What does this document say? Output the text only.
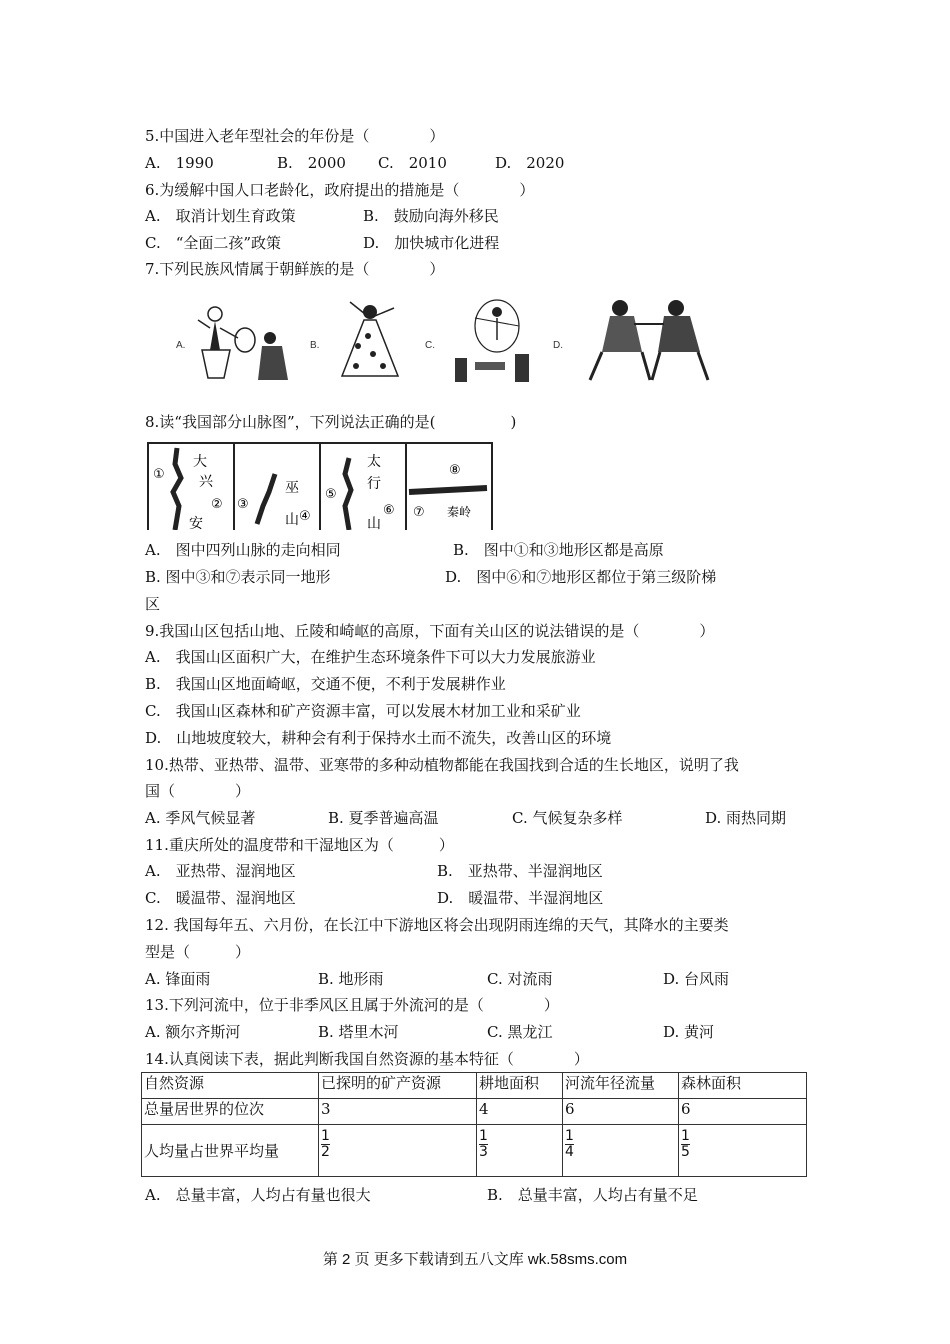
5.中国进入老年型社会的年份是（　　　　）
A.　1990	B.　2000 C.　2010	D.　2020
6.为缓解中国人口老龄化，政府提出的措施是（　　　　）
A.　取消计划生育政策	B.　鼓励向海外移民
C.　“全面二孩”政策	D.　加快城市化进程
7.下列民族风情属于朝鲜族的是（　　　　）
A.	B.	C.	D.
8.读“我国部分山脉图”，下列说法正确的是(　　　　　)
①
大
兴
安
② ③
巫
山 ④
太
⑤
行
山
⑥
⑧
⑦ 秦岭
A.　图中四列山脉的走向相同	B.　图中①和③地形区都是高原
B. 图中③和⑦表示同一地形	D.　图中⑥和⑦地形区都位于第三级阶梯
区
9.我国山区包括山地、丘陵和崎岖的高原，下面有关山区的说法错误的是（　　　　）
A.　我国山区面积广大，在维护生态环境条件下可以大力发展旅游业
B.　我国山区地面崎岖，交通不便，不利于发展耕作业
C.　我国山区森林和矿产资源丰富，可以发展木材加工业和采矿业
D.　山地坡度较大，耕种会有利于保持水土而不流失，改善山区的环境
10.热带、亚热带、温带、亚寒带的多种动植物都能在我国找到合适的生长地区，说明了我
国（　　　　）
A. 季风气候显著	B. 夏季普遍高温	C. 气候复杂多样	D. 雨热同期
11.重庆所处的温度带和干湿地区为（　　　）
A.　亚热带、湿润地区	B.　亚热带、半湿润地区
C.　暖温带、湿润地区	D.　暖温带、半湿润地区
12. 我国每年五、六月份，在长江中下游地区将会出现阴雨连绵的天气，其降水的主要类
型是（　　　）
A. 锋面雨	B. 地形雨	C. 对流雨	D. 台风雨
13.下列河流中，位于非季风区且属于外流河的是（　　　　）
A. 额尔齐斯河	B. 塔里木河	C. 黑龙江	D. 黄河
14.认真阅读下表，据此判断我国自然资源的基本特征（　　　　）
自然资源	已探明的矿产资源	耕地面积	河流年径流量	森林面积
总量居世界的位次	3	4	6	6
人均量占世界平均量	$\frac{1}{2}$	$\frac{1}{3}$	$\frac{1}{4}$	$\frac{1}{5}$
A.　总量丰富，人均占有量也很大	B.　总量丰富，人均占有量不足
第 2 页 更多下载请到五八文库 wk.58sms.com
